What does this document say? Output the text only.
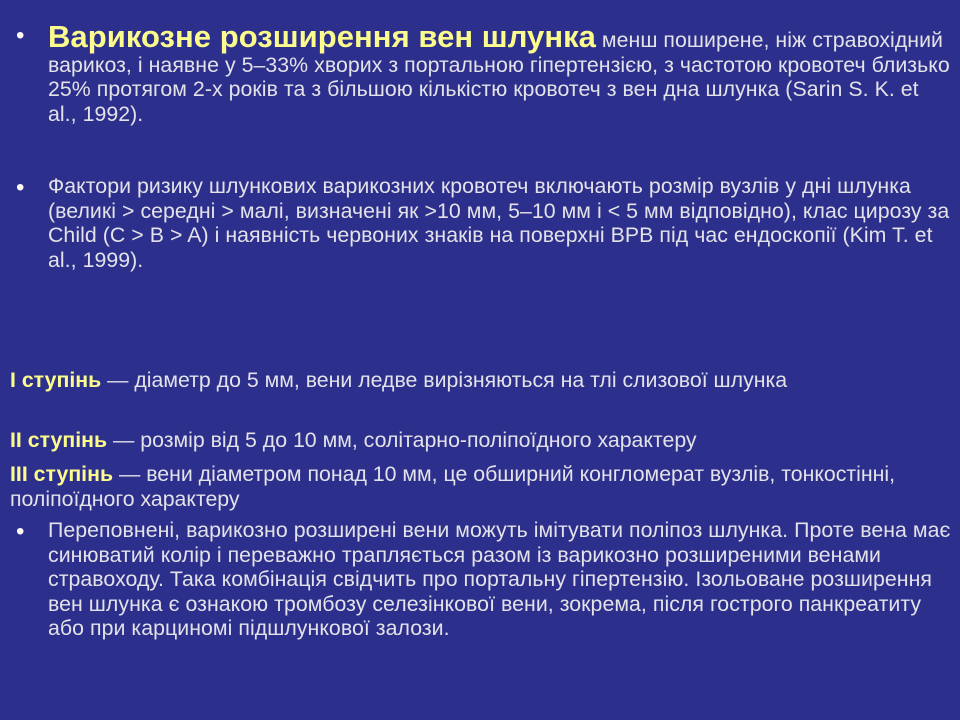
• Варикозне розширення вен шлунка менш поширене, ніж стравохідний варикоз, і наявне у 5–33% хворих з портальною гіпертензією, з частотою кровотеч близько 25% протягом 2-х років та з більшою кількістю кровотеч з вен дна шлунка (Sarin S. K. et al., 1992).
•	Фактори ризику шлункових варикозних кровотеч включають розмір вузлів у дні шлунка (великі > середні > малі, визначені як >10 мм, 5–10 мм і < 5 мм відповідно), клас цирозу за Child (C > B > A) і наявність червоних знаків на поверхні ВРВ під час ендоскопії (Kim T. et al., 1999).
I ступінь — діаметр до 5 мм, вени ледве вирізняються на тлі слизової шлунка
II ступінь — розмір від 5 до 10 мм, солітарно-поліпоїдного характеру
III ступінь — вени діаметром понад 10 мм, це обширний конгломерат вузлів, тонкостінні, поліпоїдного характеру
•	Переповнені, варикозно розширені вени можуть імітувати поліпоз шлунка. Проте вена має синюватий колір і переважно трапляється разом із варикозно розширеними венами стравоходу. Така комбінація свідчить про портальну гіпертензію. Ізольоване розширення вен шлунка є ознакою тромбозу селезінкової вени, зокрема, після гострого панкреатиту або при карциномі підшлункової залози.
